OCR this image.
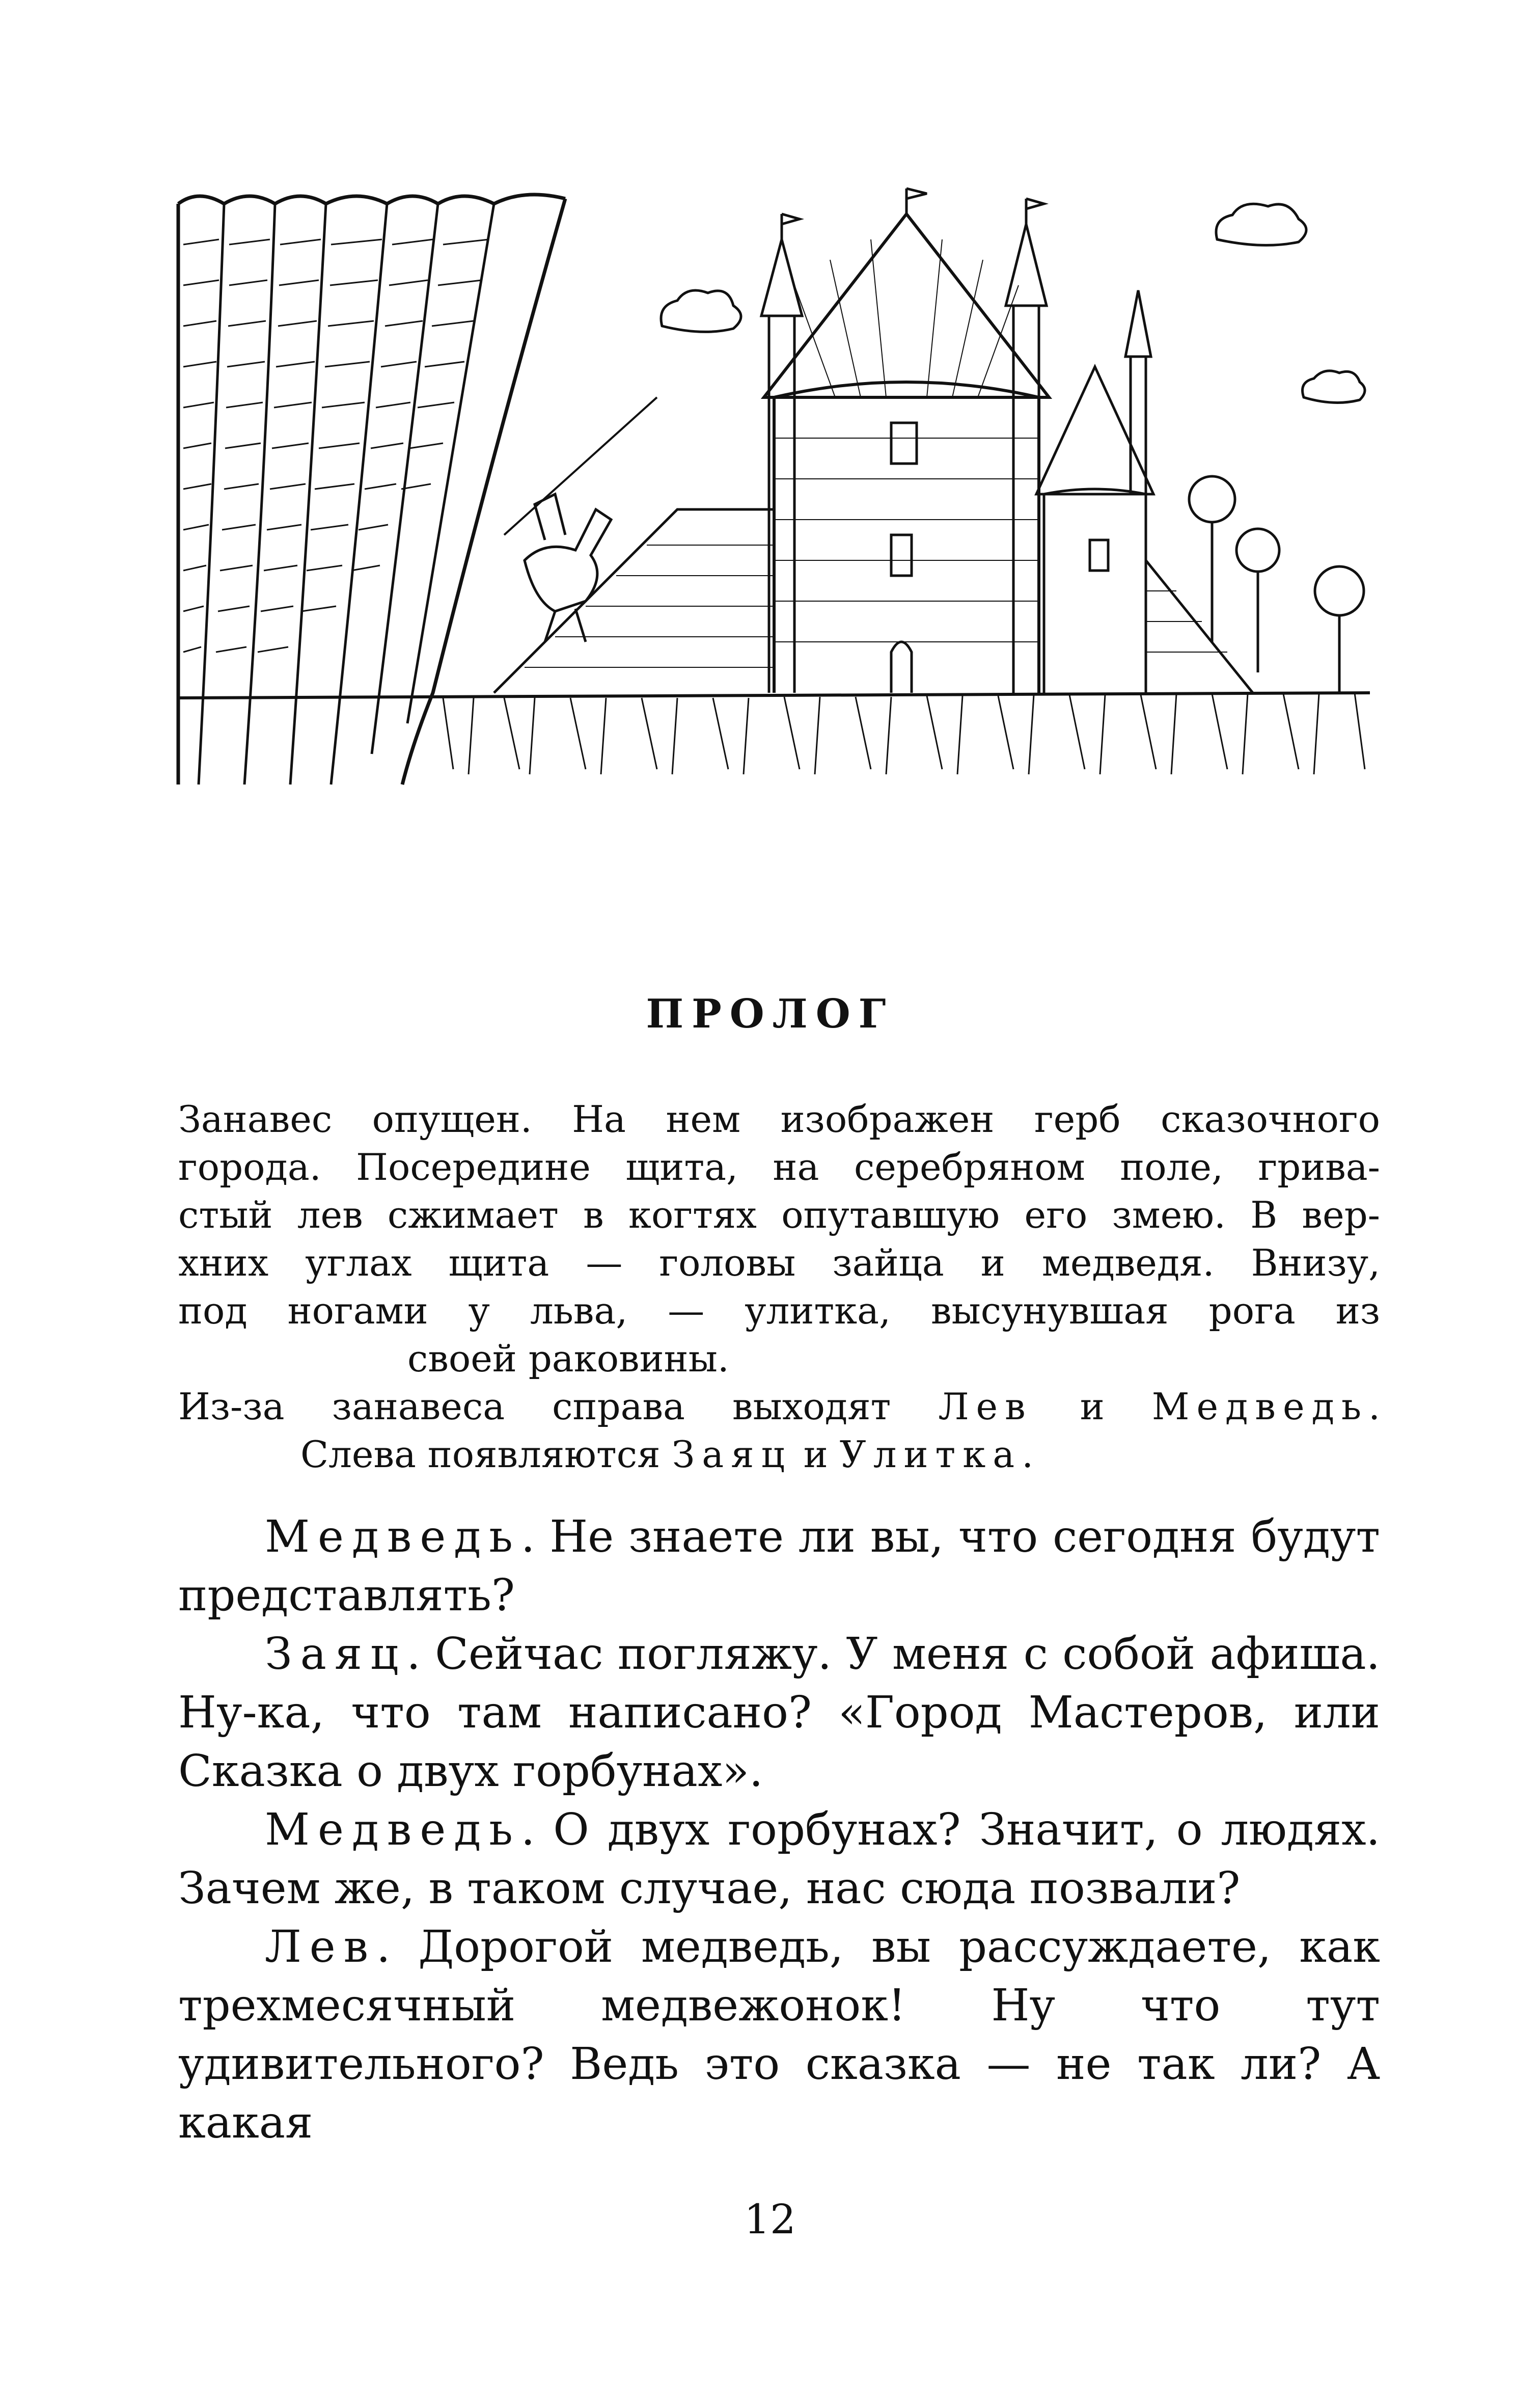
ПРОЛОГ

Занавес опущен. На нем изображен герб сказочного

города. Посередине щита, на серебряном поле, грива-

стый лев сжимает в когтях опутавшую его змею. В вер-

хних углах щита — головы зайца и медведя. Внизу,

под ногами у льва, — улитка, высунувшая рога из

своей раковины.

Из-за занавеса справа выходят Лев и Медведь.

Слева появляются Заяц и Улитка.

Медведь. Не знаете ли вы, что сегодня будут представлять?

Заяц. Сейчас погляжу. У меня с собой афиша. Ну-ка, что там написано? «Город Мастеров, или Сказка о двух горбунах».

Медведь. О двух горбунах? Значит, о людях. Зачем же, в таком случае, нас сюда позвали?

Лев. Дорогой медведь, вы рассуждаете, как трехмесячный медвежонок! Ну что тут удивительного? Ведь это сказка — не так ли? А какая

12
